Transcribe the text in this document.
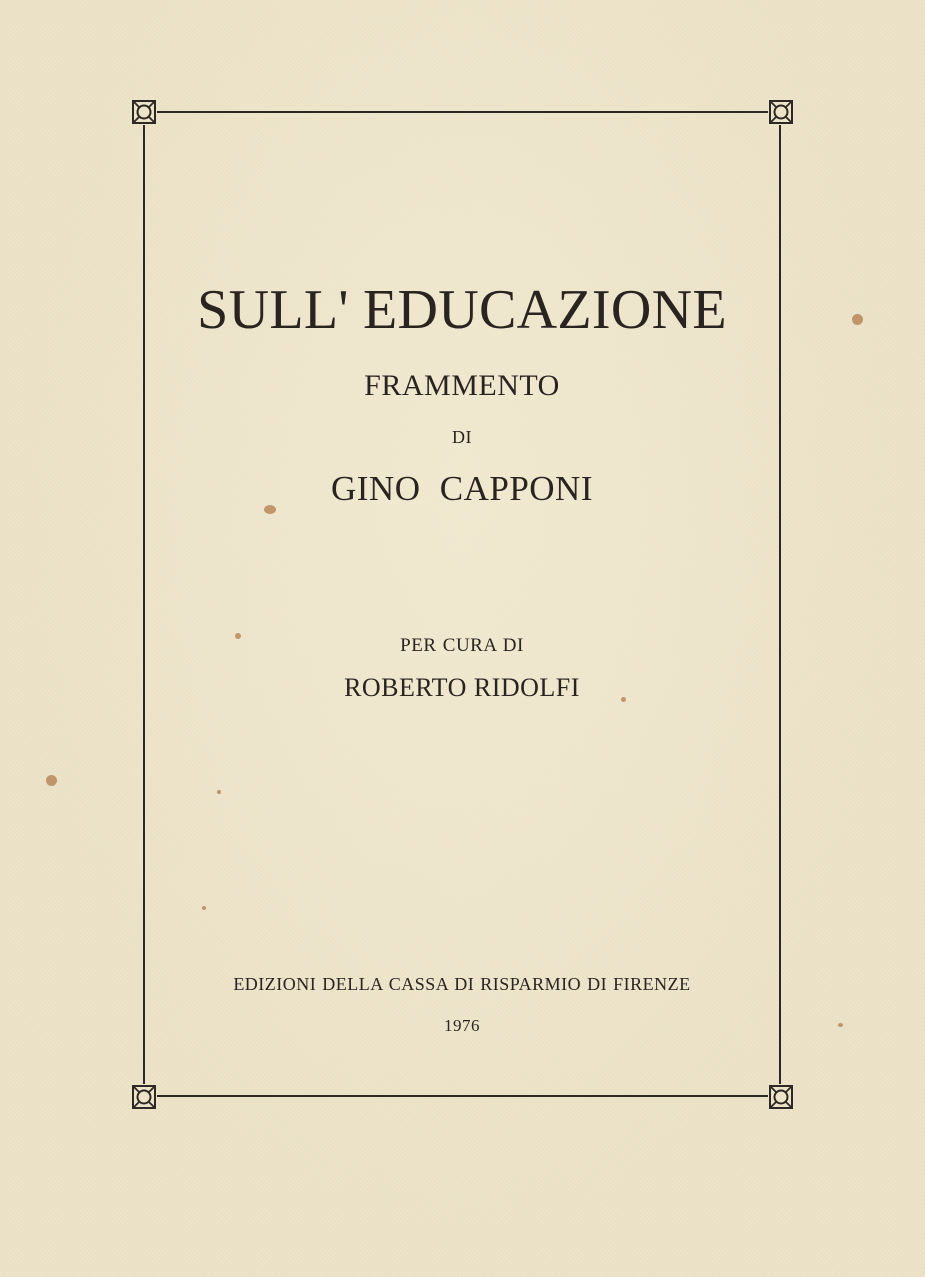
SULL' EDUCAZIONE
FRAMMENTO
DI
GINO CAPPONI
PER CURA DI
ROBERTO RIDOLFI
EDIZIONI DELLA CASSA DI RISPARMIO DI FIRENZE
1976
